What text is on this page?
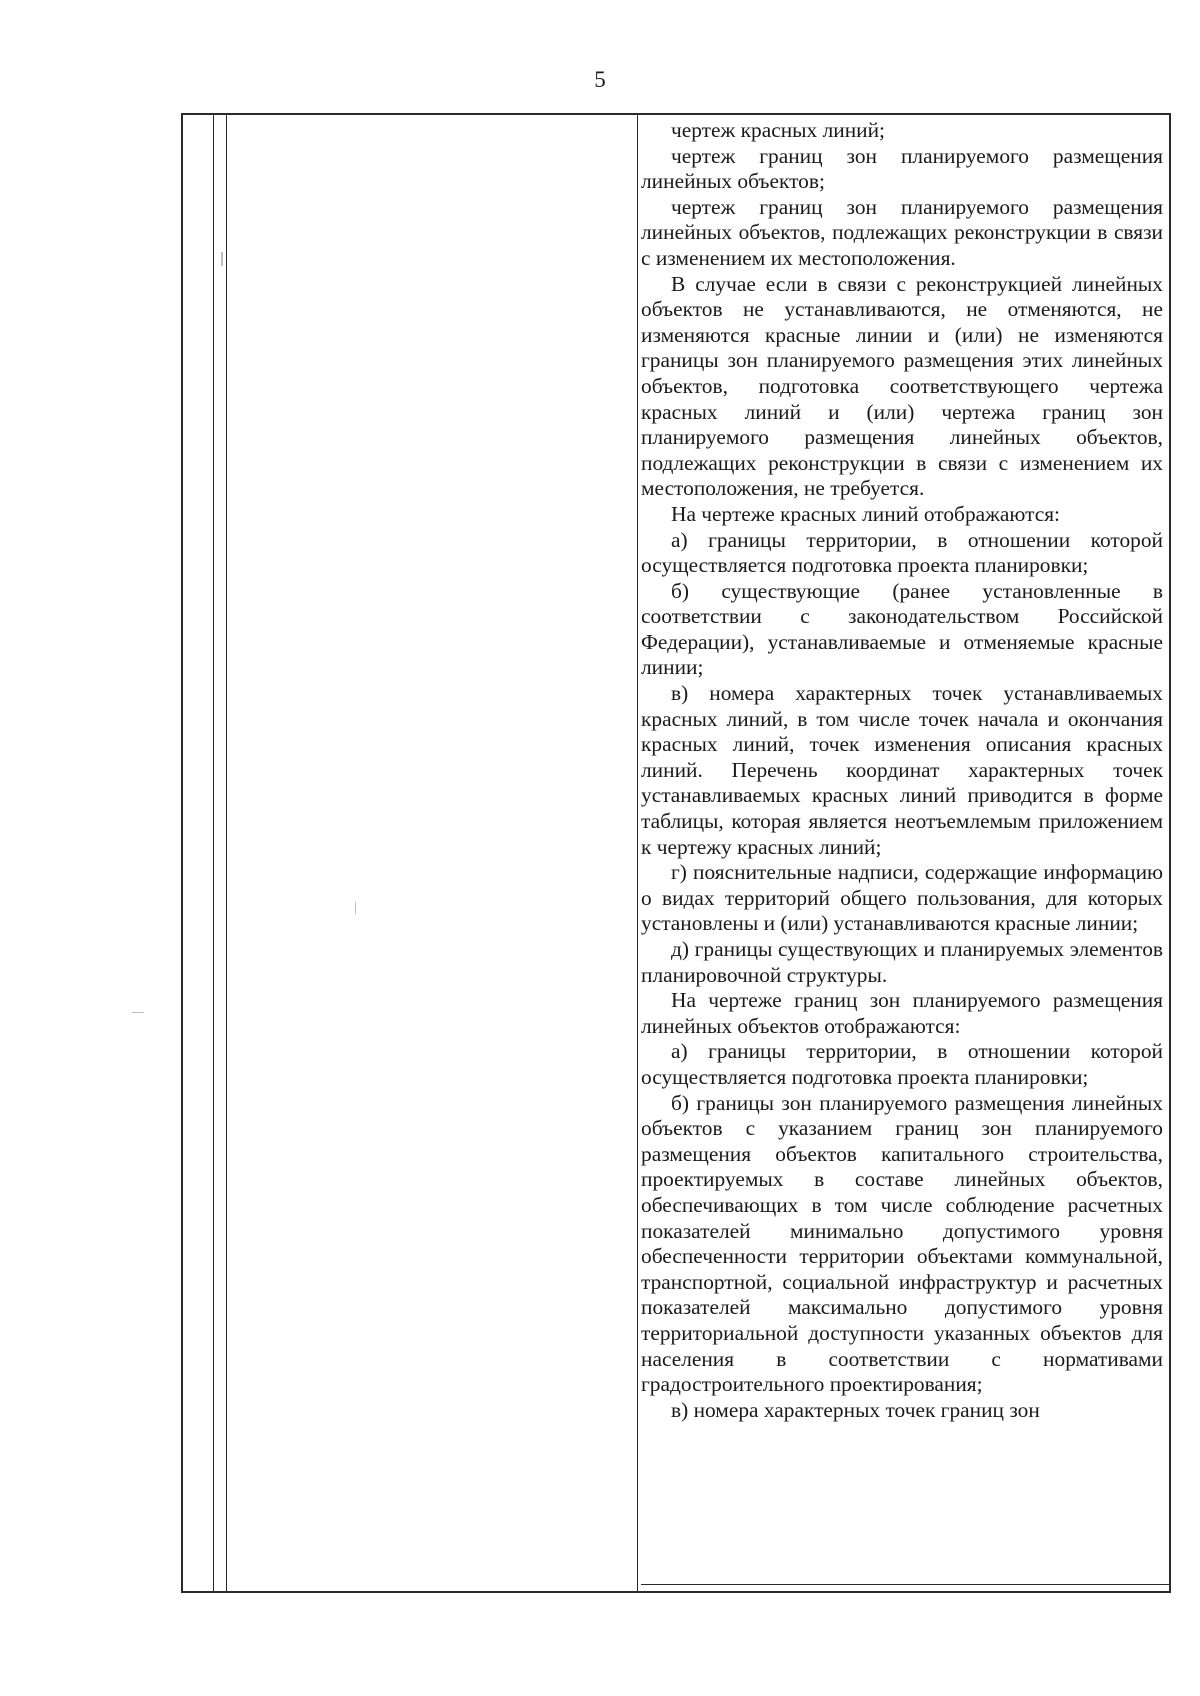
5

чертеж красных линий;

чертеж границ зон планируемого размещения линейных объектов;

чертеж границ зон планируемого размещения линейных объектов, подлежащих реконструкции в связи с изменением их местоположения.

В случае если в связи с реконструкцией линейных объектов не устанавливаются, не отменяются, не изменяются красные линии и (или) не изменяются границы зон планируемого размещения этих линейных объектов, подготовка соответствующего чертежа красных линий и (или) чертежа границ зон планируемого размещения линейных объектов, подлежащих реконструкции в связи с изменением их местоположения, не требуется.

На чертеже красных линий отображаются:

а) границы территории, в отношении которой осуществляется подготовка проекта планировки;

б) существующие (ранее установленные в соответствии с законодательством Российской Федерации), устанавливаемые и отменяемые красные линии;

в) номера характерных точек устанавливаемых красных линий, в том числе точек начала и окончания красных линий, точек изменения описания красных линий. Перечень координат характерных точек устанавливаемых красных линий приводится в форме таблицы, которая является неотъемлемым приложением к чертежу красных линий;

г) пояснительные надписи, содержащие информацию о видах территорий общего пользования, для которых установлены и (или) устанавливаются красные линии;

д) границы существующих и планируемых элементов планировочной структуры.

На чертеже границ зон планируемого размещения линейных объектов отображаются:

а) границы территории, в отношении которой осуществляется подготовка проекта планировки;

б) границы зон планируемого размещения линейных объектов с указанием границ зон планируемого размещения объектов капитального строительства, проектируемых в составе линейных объектов, обеспечивающих в том числе соблюдение расчетных показателей минимально допустимого уровня обеспеченности территории объектами коммунальной, транспортной, социальной инфраструктур и расчетных показателей максимально допустимого уровня территориальной доступности указанных объектов для населения в соответствии с нормативами градостроительного проектирования;

в) номера характерных точек границ зон
